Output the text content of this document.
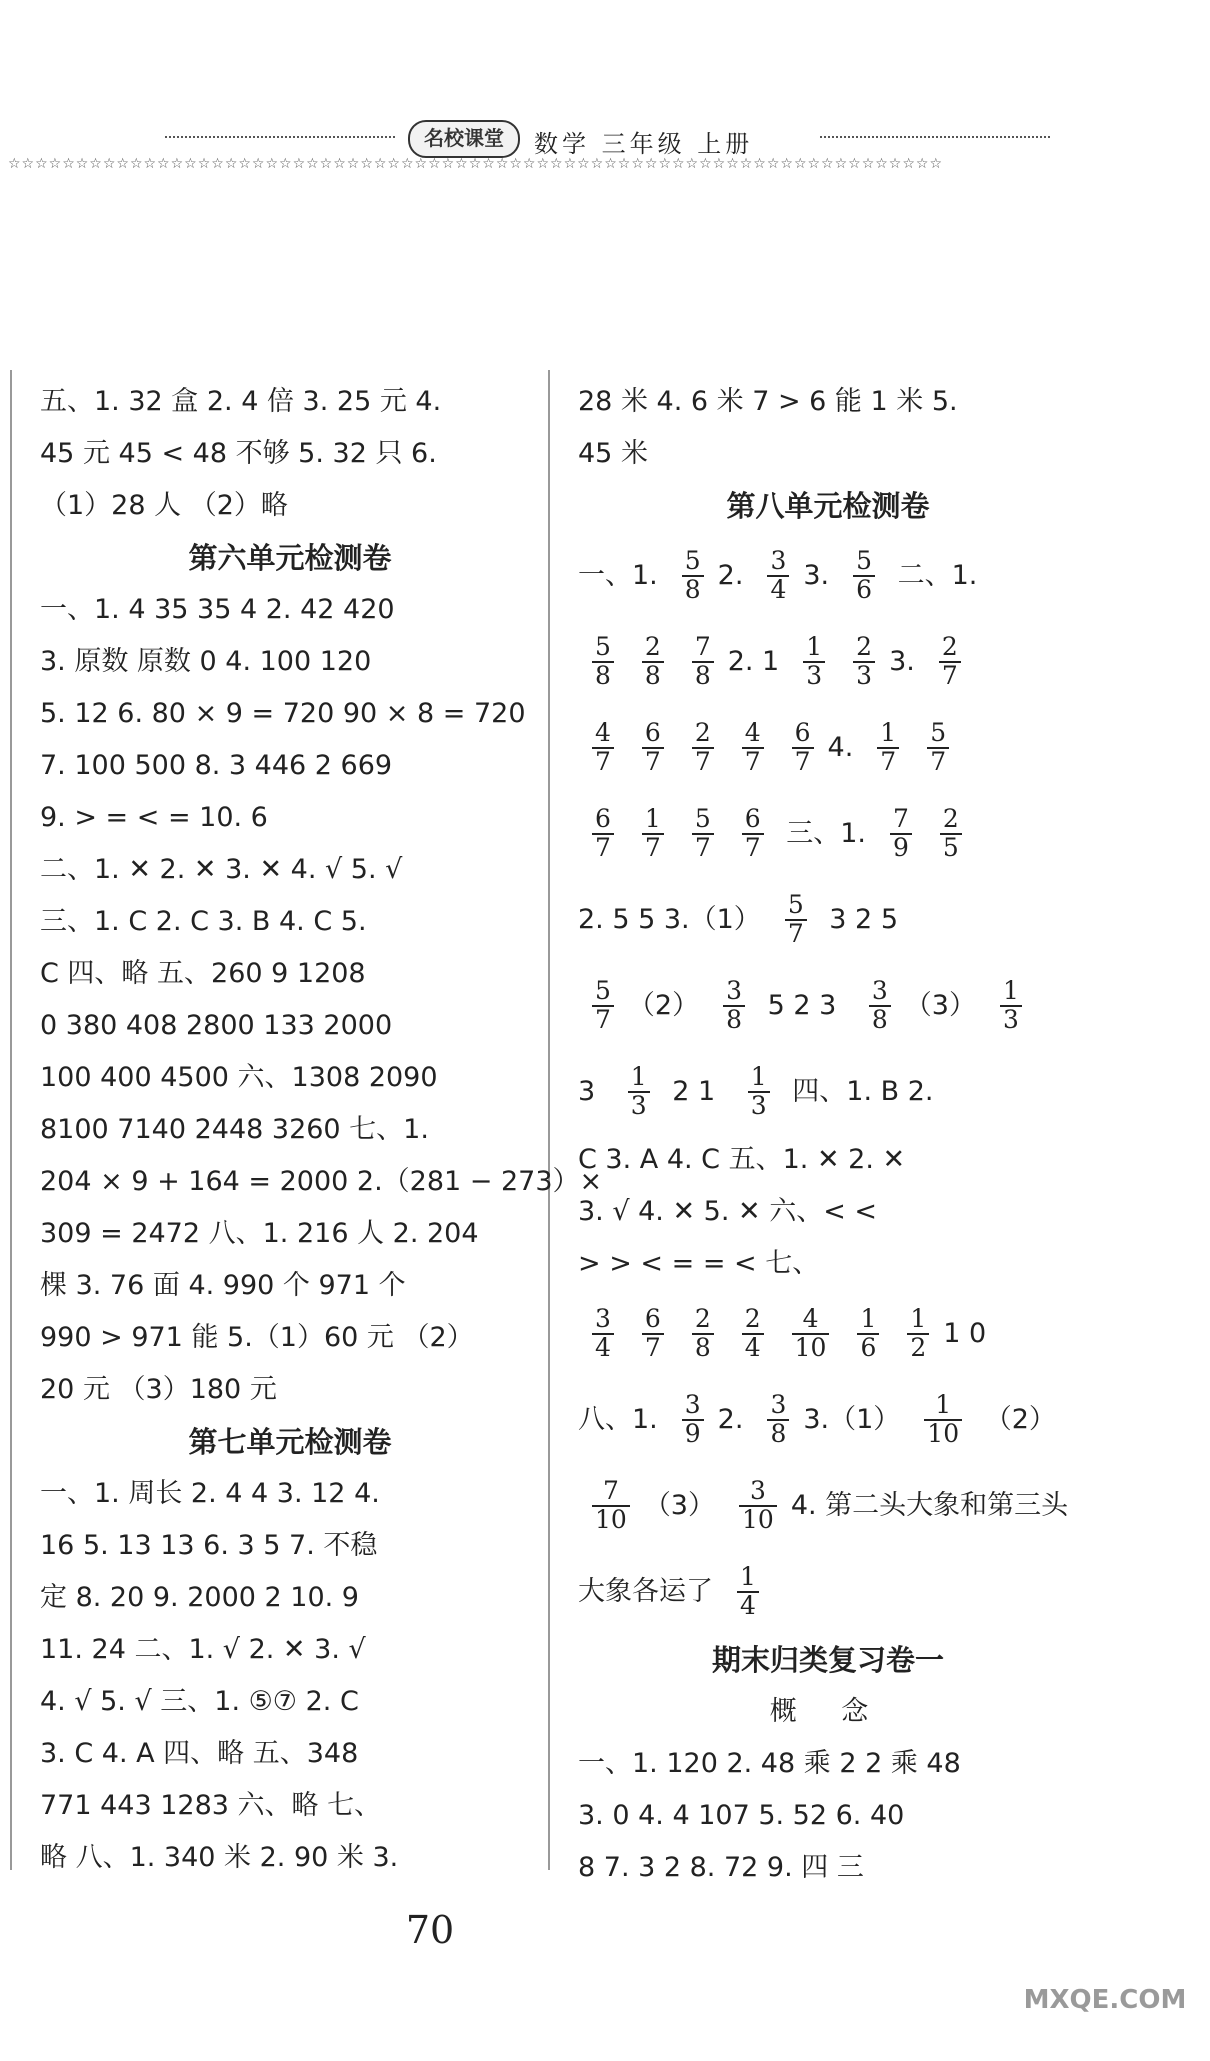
名校课堂	数学 三年级 上册
☆☆☆☆☆☆☆☆☆☆☆☆☆☆☆☆☆☆☆☆☆☆☆☆☆☆☆☆☆☆☆☆☆☆☆☆☆☆☆☆☆☆☆☆☆☆☆☆☆☆☆☆☆☆☆☆☆☆☆☆☆☆☆☆☆☆☆☆☆
五、1. 32 盒 2. 4 倍 3. 25 元 4.
45 元 45 < 48 不够 5. 32 只 6.
（1）28 人 （2）略
第六单元检测卷
一、1. 4 35 35 4 2. 42 420
3. 原数 原数 0 4. 100 120
5. 12 6. 80 × 9 = 720 90 × 8 = 720
7. 100 500 8. 3 446 2 669
9. > = < = 10. 6
二、1. ✕ 2. ✕ 3. ✕ 4. √ 5. √
三、1. C 2. C 3. B 4. C 5.
C 四、略 五、260 9 1208
0 380 408 2800 133 2000
100 400 4500 六、1308 2090
8100 7140 2448 3260 七、1.
204 × 9 + 164 = 2000 2.（281 − 273）×
309 = 2472 八、1. 216 人 2. 204
棵 3. 76 面 4. 990 个 971 个
990 > 971 能 5.（1）60 元 （2）
20 元 （3）180 元
第七单元检测卷
一、1. 周长 2. 4 4 3. 12 4.
16 5. 13 13 6. 3 5 7. 不稳
定 8. 20 9. 2000 2 10. 9
11. 24 二、1. √ 2. ✕ 3. √
4. √ 5. √ 三、1. ⑤⑦ 2. C
3. C 4. A 四、略 五、348
771 443 1283 六、略 七、
略 八、1. 340 米 2. 90 米 3.
28 米 4. 6 米 7 > 6 能 1 米 5.
45 米
第八单元检测卷
一、1. $\frac{5}{8} 2$. $\frac{3}{4} 3$. $\frac{5}{6}$ 二、1.
$\frac{5}{8} \frac{2}{8} \frac{7}{8} 2$. $1 \frac{1}{3} \frac{2}{3} 3$. $\frac{2}{7}$
$\frac{4}{7} \frac{6}{7} \frac{2}{7} \frac{4}{7} \frac{6}{7} 4$. $\frac{1}{7} \frac{5}{7}$
$\frac{6}{7} \frac{1}{7} \frac{5}{7} \frac{6}{7}$ 三、1. $\frac{7}{9} \frac{2}{5}$
2. 5 5 $3.(1) \frac{5}{7} 3$ 2 5
$\frac{5}{7} (2) \frac{3}{8} 5$ 2 $3 \frac{3}{8} (3) \frac{1}{3}$
$3 \frac{1}{3} 2$ $1 \frac{1}{3}$ 四、1. B 2.
C 3. A 4. C 五、1. ✕ 2. ✕
3. √ 4. ✕ 5. ✕ 六、< <
> > < = = < 七、
$\frac{3}{4} \frac{6}{7} \frac{2}{8} \frac{2}{4} \frac{4}{10} \frac{1}{6} \frac{1}{2} 1$ 0
八、1. $\frac{3}{9} 2$. $\frac{3}{8} 3.(1) \frac{1}{10} (2)$
$\frac{7}{10} (3) \frac{3}{10} 4$. 第二头大象和第三头
大象各运了 $\frac{1}{4}$
期末归类复习卷一
概 念
一、1. 120 2. 48 乘 2 2 乘 48
3. 0 4. 4 107 5. 52 6. 40
8 7. 3 2 8. 72 9. 四 三
70
MXQE.COM
